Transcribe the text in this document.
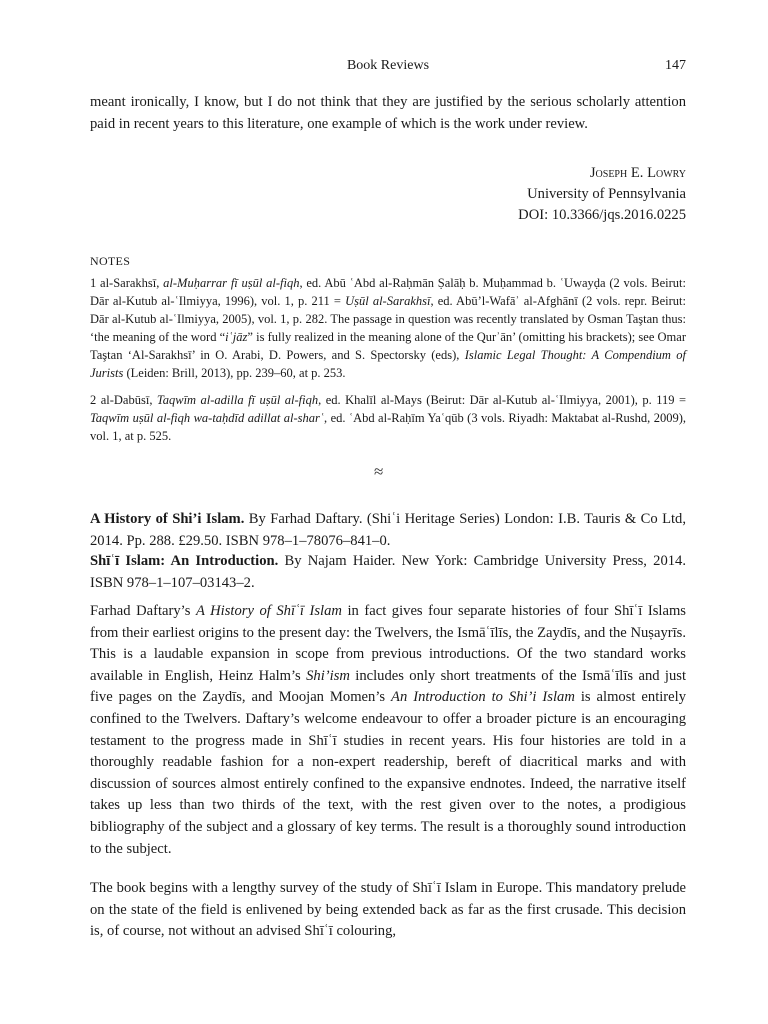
Book Reviews	147

meant ironically, I know, but I do not think that they are justified by the serious scholarly attention paid in recent years to this literature, one example of which is the work under review.

Joseph E. Lowry
University of Pennsylvania
DOI: 10.3366/jqs.2016.0225
NOTES

1 al-Sarakhsī, al-Muḥarrar fī uṣūl al-fiqh, ed. Abū ʿAbd al-Raḥmān Ṣalāḥ b. Muḥammad b. ʿUwayḍa (2 vols. Beirut: Dār al-Kutub al-ʿIlmiyya, 1996), vol. 1, p. 211 = Uṣūl al-Sarakhsī, ed. Abū’l-Wafāʾ al-Afghānī (2 vols. repr. Beirut: Dār al-Kutub al-ʿIlmiyya, 2005), vol. 1, p. 282. The passage in question was recently translated by Osman Taştan thus: ‘the meaning of the word “iʿjāz” is fully realized in the meaning alone of the Qurʾān’ (omitting his brackets); see Omar Taştan ‘Al-Sarakhsī’ in O. Arabi, D. Powers, and S. Spectorsky (eds), Islamic Legal Thought: A Compendium of Jurists (Leiden: Brill, 2013), pp. 239–60, at p. 253.

2 al-Dabūsī, Taqwīm al-adilla fī uṣūl al-fiqh, ed. Khalīl al-Mays (Beirut: Dār al-Kutub al-ʿIlmiyya, 2001), p. 119 = Taqwīm uṣūl al-fiqh wa-taḥdīd adillat al-sharʿ, ed. ʿAbd al-Raḥīm Yaʿqūb (3 vols. Riyadh: Maktabat al-Rushd, 2009), vol. 1, at p. 525.

≈

A History of Shi’i Islam. By Farhad Daftary. (Shiʿi Heritage Series) London: I.B. Tauris & Co Ltd, 2014. Pp. 288. £29.50. ISBN 978–1–78076–841–0.

Shīʿī Islam: An Introduction. By Najam Haider. New York: Cambridge University Press, 2014. ISBN 978–1–107–03143–2.

Farhad Daftary’s A History of Shīʿī Islam in fact gives four separate histories of four Shīʿī Islams from their earliest origins to the present day: the Twelvers, the Ismāʿīlīs, the Zaydīs, and the Nuṣayrīs. This is a laudable expansion in scope from previous introductions. Of the two standard works available in English, Heinz Halm’s Shi’ism includes only short treatments of the Ismāʿīlīs and just five pages on the Zaydīs, and Moojan Momen’s An Introduction to Shi’i Islam is almost entirely confined to the Twelvers. Daftary’s welcome endeavour to offer a broader picture is an encouraging testament to the progress made in Shīʿī studies in recent years. His four histories are told in a thoroughly readable fashion for a non-expert readership, bereft of diacritical marks and with discussion of sources almost entirely confined to the expansive endnotes. Indeed, the narrative itself takes up less than two thirds of the text, with the rest given over to the notes, a prodigious bibliography of the subject and a glossary of key terms. The result is a thoroughly sound introduction to the subject.

The book begins with a lengthy survey of the study of Shīʿī Islam in Europe. This mandatory prelude on the state of the field is enlivened by being extended back as far as the first crusade. This decision is, of course, not without an advised Shīʿī colouring,
